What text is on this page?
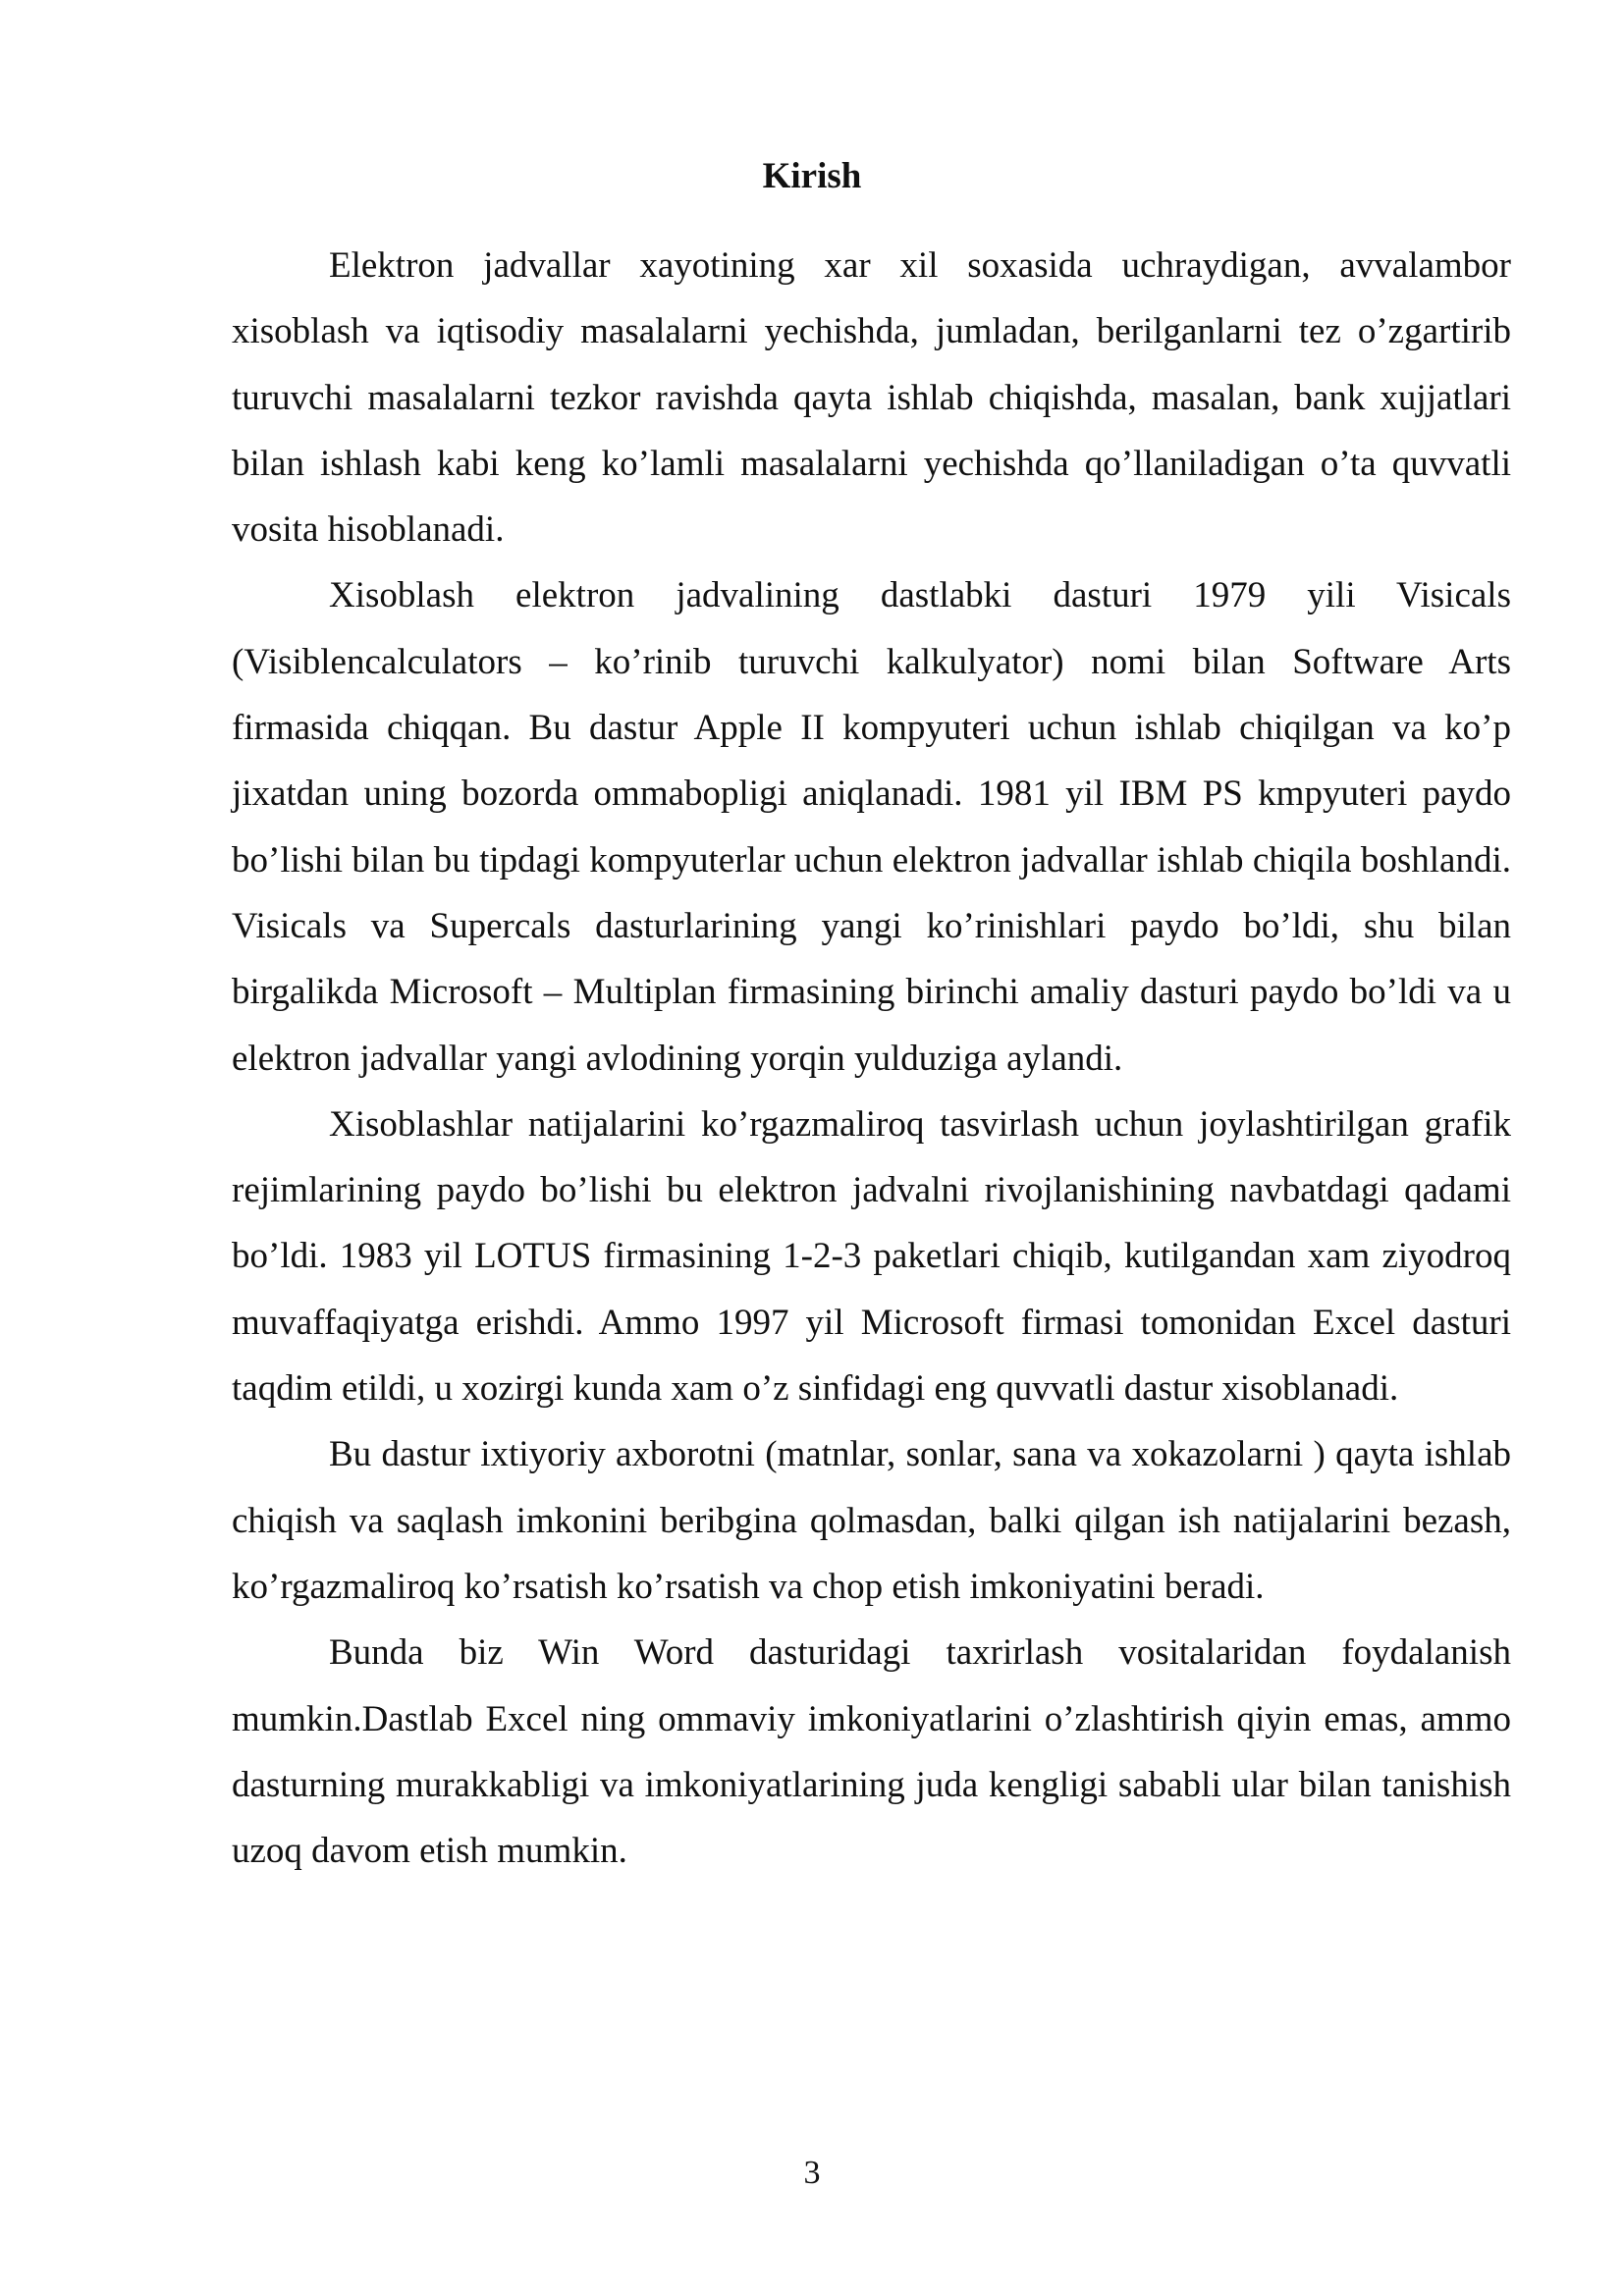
Kirish

Elektron jadvallar xayotining xar xil soxasida uchraydigan, avvalambor xisoblash va iqtisodiy masalalarni yechishda, jumladan, berilganlarni tez o’zgartirib turuvchi masalalarni tezkor ravishda qayta ishlab chiqishda, masalan, bank xujjatlari bilan ishlash kabi keng ko’lamli masalalarni yechishda qo’llaniladigan o’ta quvvatli vosita hisoblanadi.

Xisoblash elektron jadvalining dastlabki dasturi 1979 yili Visicals (Visiblencalculators – ko’rinib turuvchi kalkulyator) nomi bilan Software Arts firmasida chiqqan. Bu dastur Apple II kompyuteri uchun ishlab chiqilgan va ko’p jixatdan uning bozorda ommabopligi aniqlanadi. 1981 yil IBM PS kmpyuteri paydo bo’lishi bilan bu tipdagi kompyuterlar uchun elektron jadvallar ishlab chiqila boshlandi. Visicals va Supercals dasturlarining yangi ko’rinishlari paydo bo’ldi, shu bilan birgalikda Microsoft – Multiplan firmasining birinchi amaliy dasturi paydo bo’ldi va u elektron jadvallar yangi avlodining yorqin yulduziga aylandi.

Xisoblashlar natijalarini ko’rgazmaliroq tasvirlash uchun joylashtirilgan grafik rejimlarining paydo bo’lishi bu elektron jadvalni rivojlanishining navbatdagi qadami bo’ldi. 1983 yil LOTUS firmasining 1-2-3 paketlari chiqib, kutilgandan xam ziyodroq muvaffaqiyatga erishdi. Ammo 1997 yil Microsoft firmasi tomonidan Excel dasturi taqdim etildi, u xozirgi kunda xam o’z sinfidagi eng quvvatli dastur xisoblanadi.

Bu dastur ixtiyoriy axborotni (matnlar, sonlar, sana va xokazolarni ) qayta ishlab chiqish va saqlash imkonini beribgina qolmasdan, balki qilgan ish natijalarini bezash, ko’rgazmaliroq ko’rsatish ko’rsatish va chop etish imkoniyatini beradi.

Bunda biz Win Word dasturidagi taxrirlash vositalaridan foydalanish mumkin.Dastlab Excel ning ommaviy imkoniyatlarini o’zlashtirish qiyin emas, ammo dasturning murakkabligi va imkoniyatlarining juda kengligi sababli ular bilan tanishish uzoq davom etish mumkin.

3
